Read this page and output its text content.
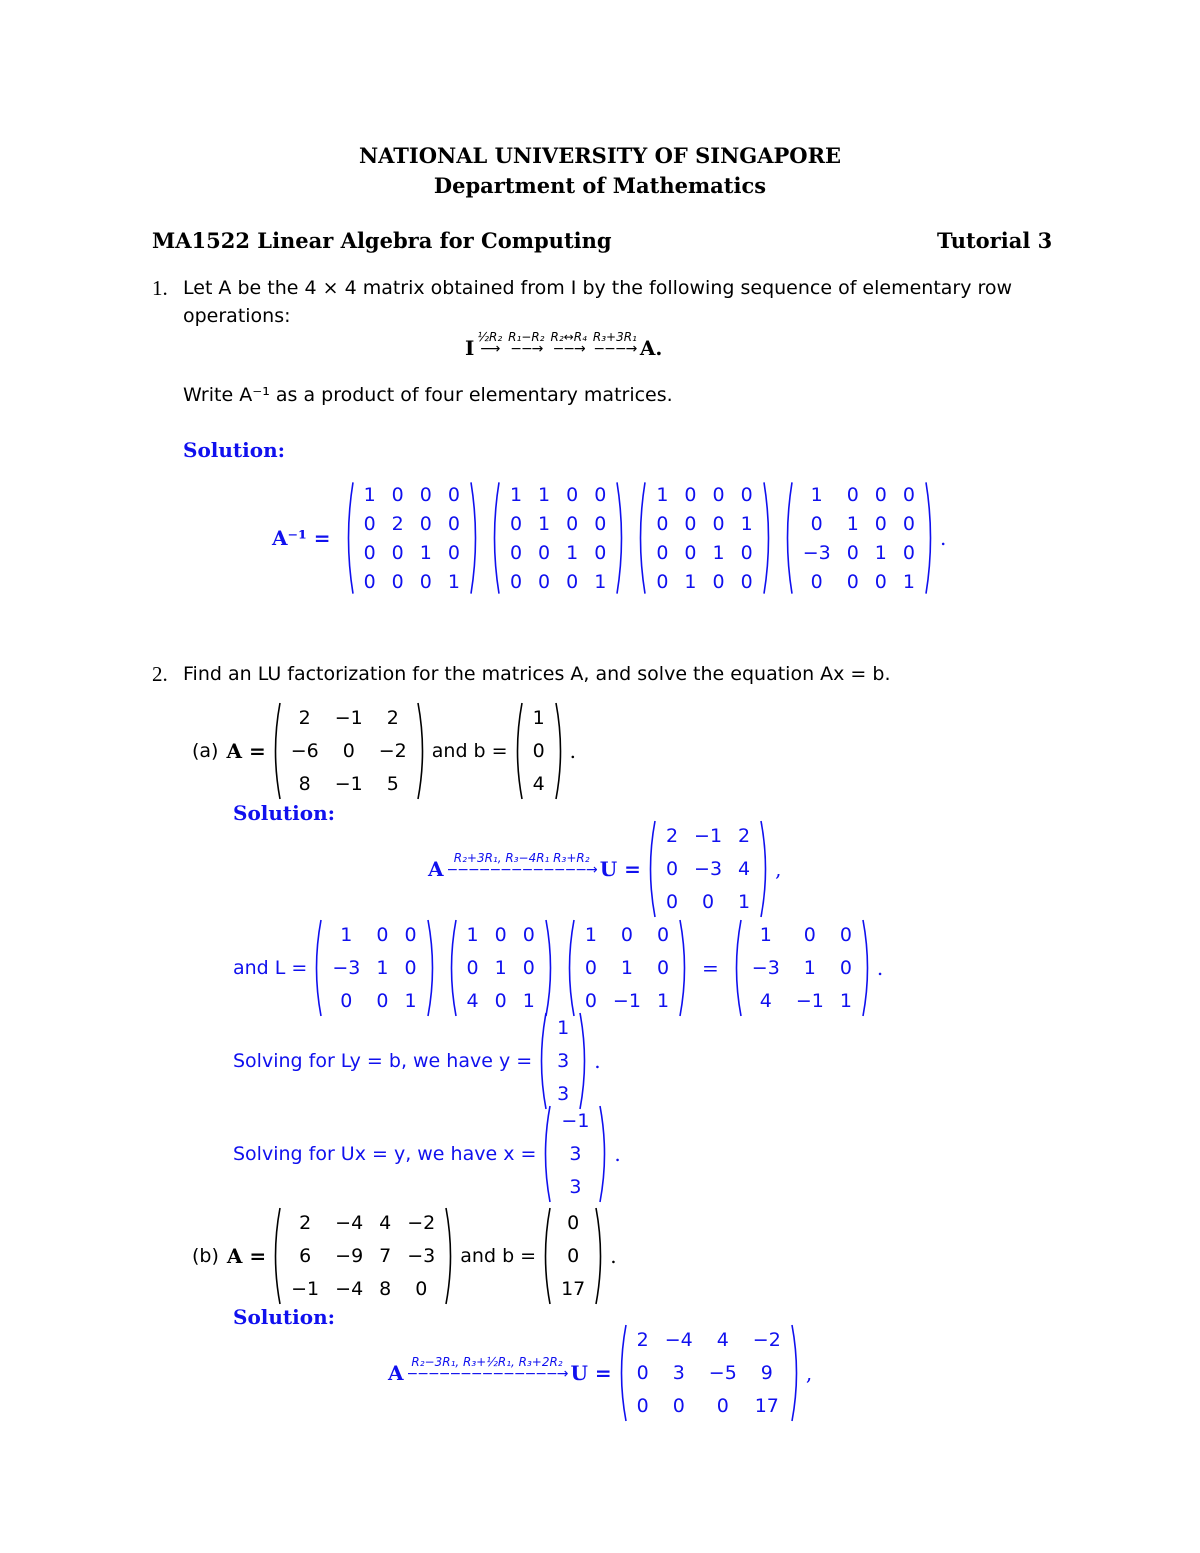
NATIONAL UNIVERSITY OF SINGAPORE
Department of Mathematics
MA1522 Linear Algebra for Computing	Tutorial 3
1. Let A be the 4 × 4 matrix obtained from I by the following sequence of elementary row
operations:
I ½R₂
⟶
R₁−R₂
−−→
R₂↔R₄
−−→
R₃+3R₁
−−−→ A.
Write A⁻¹ as a product of four elementary matrices.
Solution:
A⁻¹ =
1	0	0	0
0	2	0	0
0	0	1	0
0	0	0	1
1	1	0	0
0	1	0	0
0	0	1	0
0	0	0	1
1	0	0	0
0	0	0	1
0	0	1	0
0	1	0	0
1	0	0	0
0	1	0	0
−3	0	1	0
0	0	0	1
.
2. Find an LU factorization for the matrices A, and solve the equation Ax = b.
(a) A =
2	−1	2
−6	0	−2
8	−1	5
and b =
1
0
4
.
Solution:
A R₂+3R₁, R₃−4R₁ R₃+R₂
−−−−−−−−−−−−−→ U =
2	−1	2
0	−3	4
0	0	1
,
and L =
1	0	0
−3	1	0
0	0	1
1	0	0
0	1	0
4	0	1
1	0	0
0	1	0
0	−1	1
=
1	0	0
−3	1	0
4	−1	1
.
Solving for Ly = b, we have y =
1
3
3
.
Solving for Ux = y, we have x =
−1
3
3
.
(b) A =
2	−4	4	−2
6	−9	7	−3
−1	−4	8	0
and b =
0
0
17
.
Solution:
A R₂−3R₁, R₃+½R₁, R₃+2R₂
−−−−−−−−−−−−−−→ U =
2	−4	4	−2
0	3	−5	9
0	0	0	17
,
